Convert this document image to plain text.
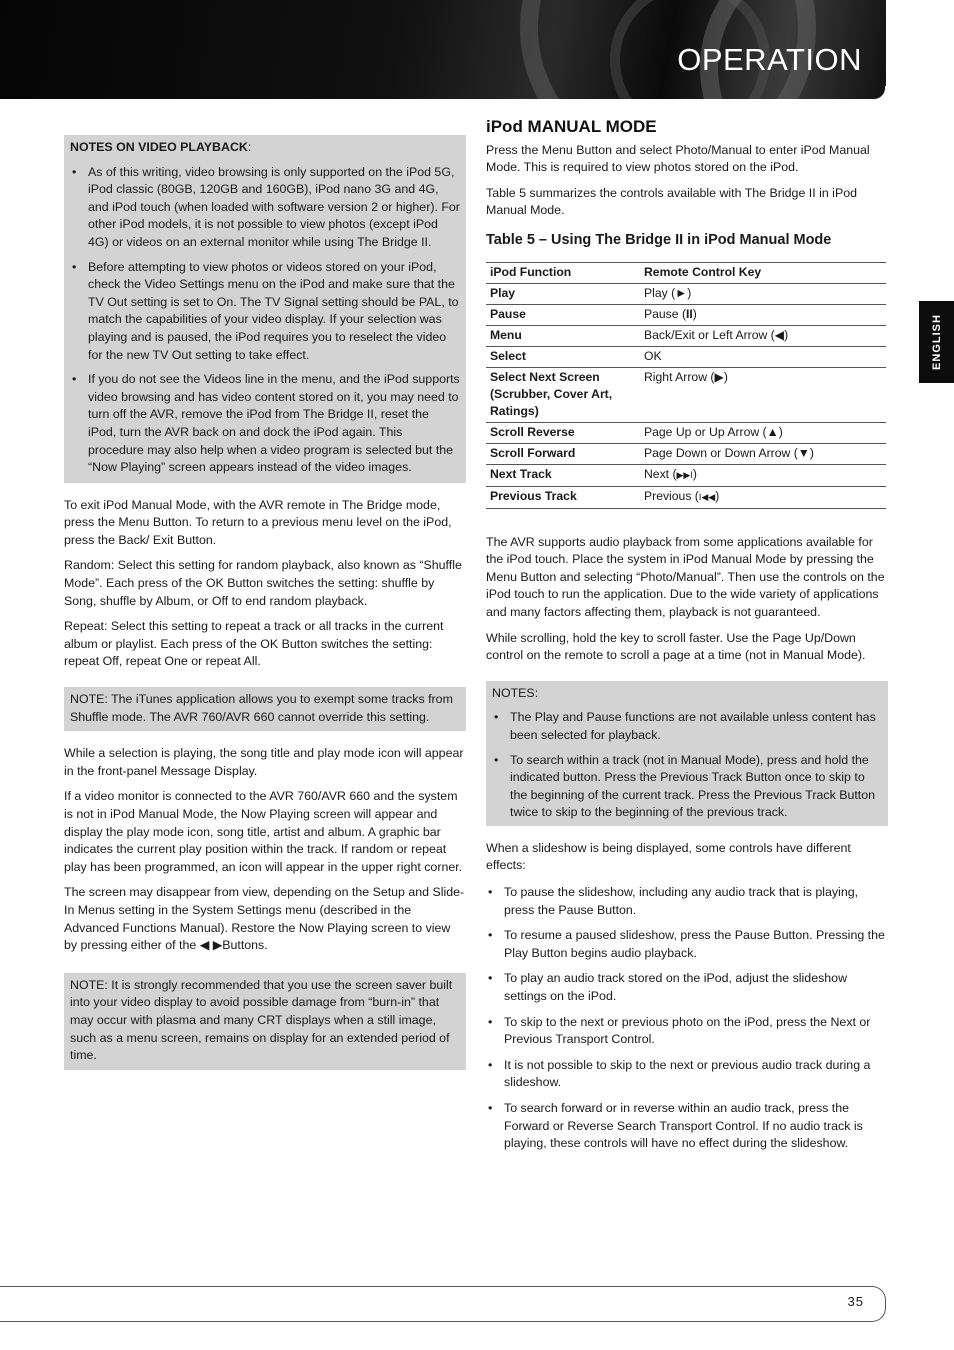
OPERATION
ENGLISH
NOTES ON VIDEO PLAYBACK:
• As of this writing, video browsing is only supported on the iPod 5G, iPod classic (80GB, 120GB and 160GB), iPod nano 3G and 4G, and iPod touch (when loaded with software version 2 or higher). For other iPod models, it is not possible to view photos (except iPod 4G) or videos on an external monitor while using The Bridge II.
• Before attempting to view photos or videos stored on your iPod, check the Video Settings menu on the iPod and make sure that the TV Out setting is set to On. The TV Signal setting should be PAL, to match the capabilities of your video display. If your selection was playing and is paused, the iPod requires you to reselect the video for the new TV Out setting to take effect.
• If you do not see the Videos line in the menu, and the iPod supports video browsing and has video content stored on it, you may need to turn off the AVR, remove the iPod from The Bridge II, reset the iPod, turn the AVR back on and dock the iPod again. This procedure may also help when a video program is selected but the “Now Playing” screen appears instead of the video images.

To exit iPod Manual Mode, with the AVR remote in The Bridge mode, press the Menu Button. To return to a previous menu level on the iPod, press the Back/ Exit Button.

Random: Select this setting for random playback, also known as “Shuffle Mode”. Each press of the OK Button switches the setting: shuffle by Song, shuffle by Album, or Off to end random playback.

Repeat: Select this setting to repeat a track or all tracks in the current album or playlist. Each press of the OK Button switches the setting: repeat Off, repeat One or repeat All.

NOTE: The iTunes application allows you to exempt some tracks from Shuffle mode. The AVR 760/AVR 660 cannot override this setting.

While a selection is playing, the song title and play mode icon will appear in the front-panel Message Display.

If a video monitor is connected to the AVR 760/AVR 660 and the system is not in iPod Manual Mode, the Now Playing screen will appear and display the play mode icon, song title, artist and album. A graphic bar indicates the current play position within the track. If random or repeat play has been programmed, an icon will appear in the upper right corner.

The screen may disappear from view, depending on the Setup and Slide-In Menus setting in the System Settings menu (described in the Advanced Functions Manual). Restore the Now Playing screen to view by pressing either of the ◀ ▶Buttons.

NOTE: It is strongly recommended that you use the screen saver built into your video display to avoid possible damage from “burn-in” that may occur with plasma and many CRT displays when a still image, such as a menu screen, remains on display for an extended period of time.
iPod MANUAL MODE

Press the Menu Button and select Photo/Manual to enter iPod Manual Mode. This is required to view photos stored on the iPod.

Table 5 summarizes the controls available with The Bridge II in iPod Manual Mode.

Table 5 – Using The Bridge II in iPod Manual Mode
iPod Function	Remote Control Key
Play	Play (►)
Pause	Pause (II)
Menu	Back/Exit or Left Arrow (◀)
Select	OK
Select Next Screen (Scrubber, Cover Art, Ratings)	Right Arrow (▶)
Scroll Reverse	Page Up or Up Arrow (▲)
Scroll Forward	Page Down or Down Arrow (▼)
Next Track	Next (▶▶I)
Previous Track	Previous (I◀◀)

The AVR supports audio playback from some applications available for the iPod touch. Place the system in iPod Manual Mode by pressing the Menu Button and selecting “Photo/Manual”. Then use the controls on the iPod touch to run the application. Due to the wide variety of applications and many factors affecting them, playback is not guaranteed.

While scrolling, hold the key to scroll faster. Use the Page Up/Down control on the remote to scroll a page at a time (not in Manual Mode).

NOTES:
• The Play and Pause functions are not available unless content has been selected for playback.
• To search within a track (not in Manual Mode), press and hold the indicated button. Press the Previous Track Button once to skip to the beginning of the current track. Press the Previous Track Button twice to skip to the beginning of the previous track.

When a slideshow is being displayed, some controls have different effects:

• To pause the slideshow, including any audio track that is playing, press the Pause Button.
• To resume a paused slideshow, press the Pause Button. Pressing the Play Button begins audio playback.
• To play an audio track stored on the iPod, adjust the slideshow settings on the iPod.
• To skip to the next or previous photo on the iPod, press the Next or Previous Transport Control.
• It is not possible to skip to the next or previous audio track during a slideshow.
• To search forward or in reverse within an audio track, press the Forward or Reverse Search Transport Control. If no audio track is playing, these controls will have no effect during the slideshow.
35
